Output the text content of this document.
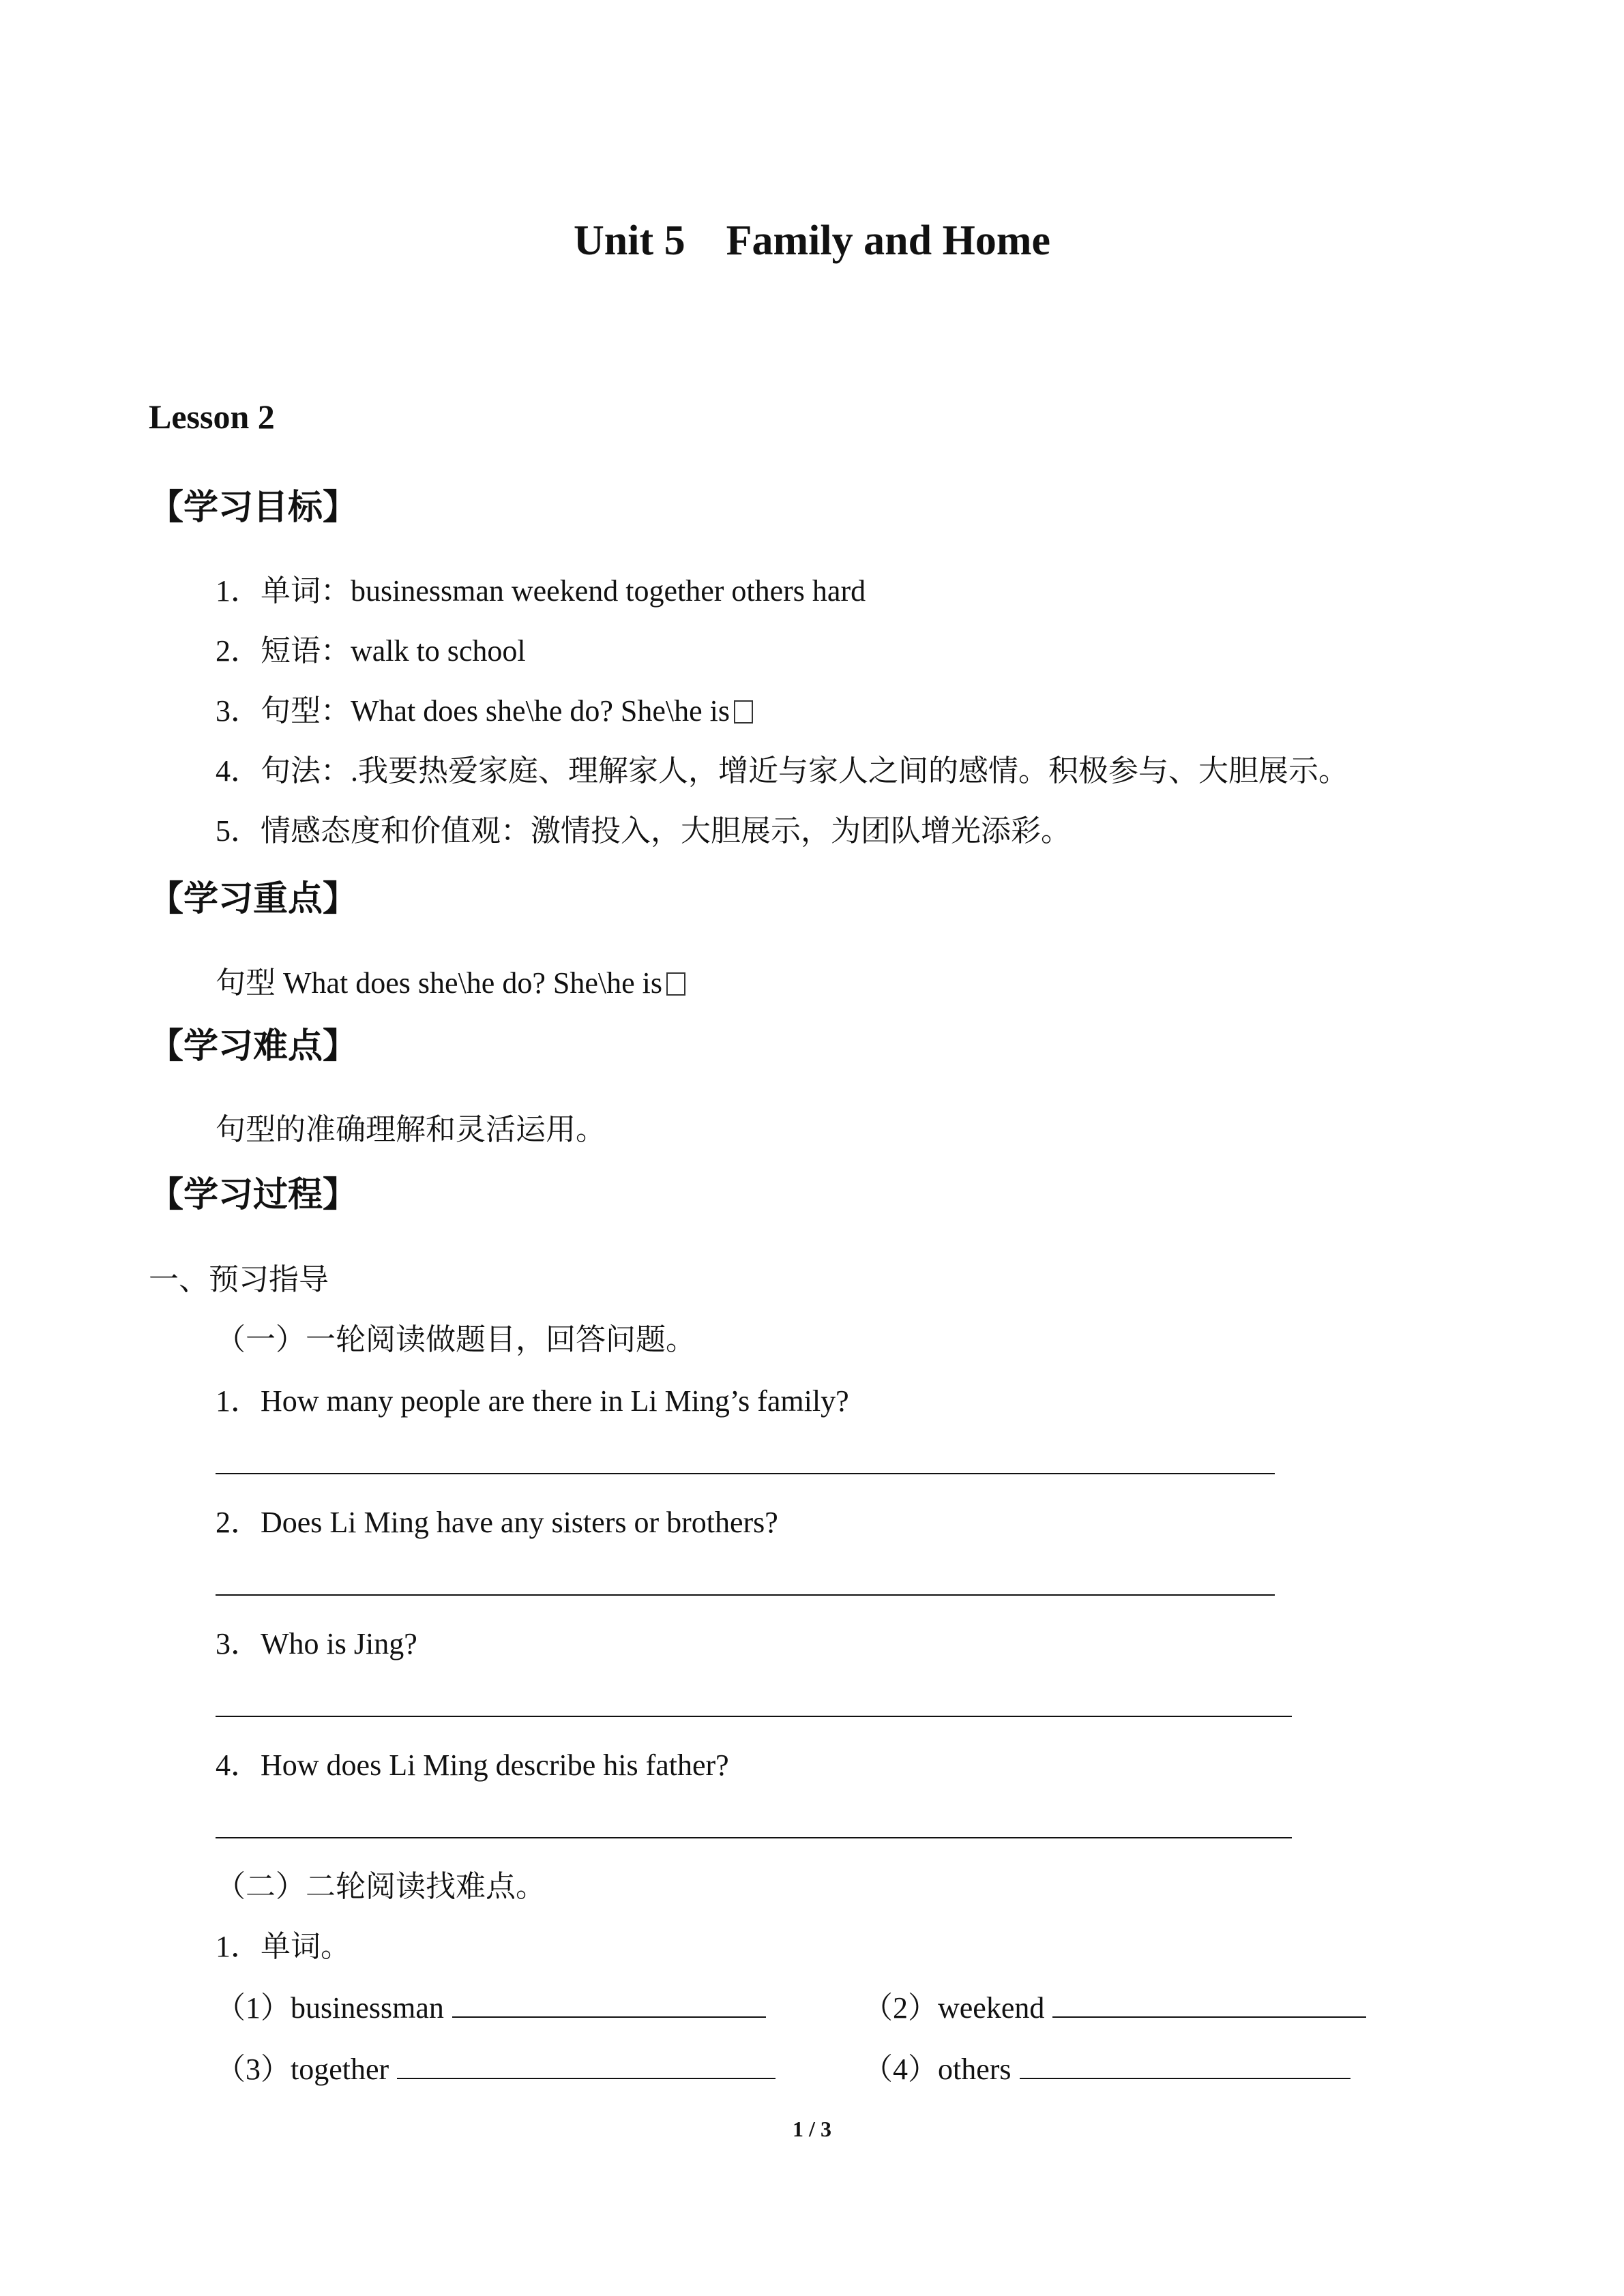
Unit 5 Family and Home
Lesson 2
【学习目标】
1．单词：businessman weekend together others hard
2．短语：walk to school
3．句型：What does she\he do? She\he is
4．句法：.我要热爱家庭、理解家人，增近与家人之间的感情。积极参与、大胆展示。
5．情感态度和价值观：激情投入，大胆展示，为团队增光添彩。
【学习重点】
句型 What does she\he do? She\he is
【学习难点】
句型的准确理解和灵活运用。
【学习过程】
一、预习指导
（一）一轮阅读做题目，回答问题。
1．How many people are there in Li Ming’s family?
2．Does Li Ming have any sisters or brothers?
3．Who is Jing?
4．How does Li Ming describe his father?
（二）二轮阅读找难点。
1．单词。
（1）businessman	（2）weekend
（3）together	（4）others
1 / 3
